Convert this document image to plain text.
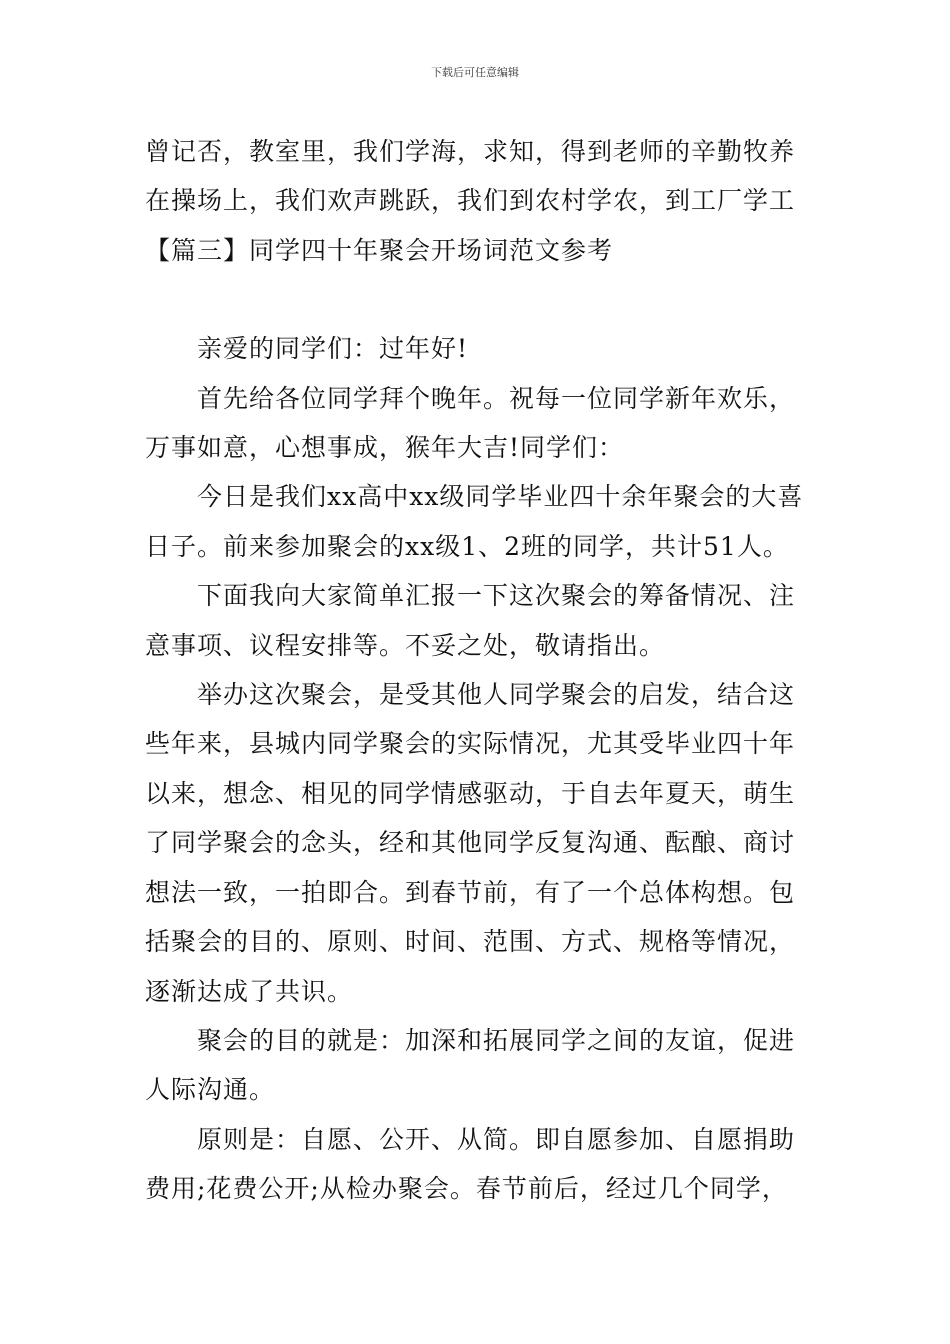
下载后可任意编辑

曾记否，教室里，我们学海，求知，得到老师的辛勤牧养

在操场上，我们欢声跳跃，我们到农村学农，到工厂学工

【篇三】同学四十年聚会开场词范文参考

亲爱的同学们：过年好!

首先给各位同学拜个晚年。祝每一位同学新年欢乐，万事如意，心想事成，猴年大吉!同学们：

今日是我们xx高中xx级同学毕业四十余年聚会的大喜日子。前来参加聚会的xx级1、2班的同学，共计51人。

下面我向大家简单汇报一下这次聚会的筹备情况、注意事项、议程安排等。不妥之处，敬请指出。

举办这次聚会，是受其他人同学聚会的启发，结合这些年来，县城内同学聚会的实际情况，尤其受毕业四十年以来，想念、相见的同学情感驱动，于自去年夏天，萌生了同学聚会的念头，经和其他同学反复沟通、酝酿、商讨想法一致，一拍即合。到春节前，有了一个总体构想。包括聚会的目的、原则、时间、范围、方式、规格等情况，逐渐达成了共识。

聚会的目的就是：加深和拓展同学之间的友谊，促进人际沟通。

原则是：自愿、公开、从简。即自愿参加、自愿捐助费用;花费公开;从检办聚会。春节前后，经过几个同学，
